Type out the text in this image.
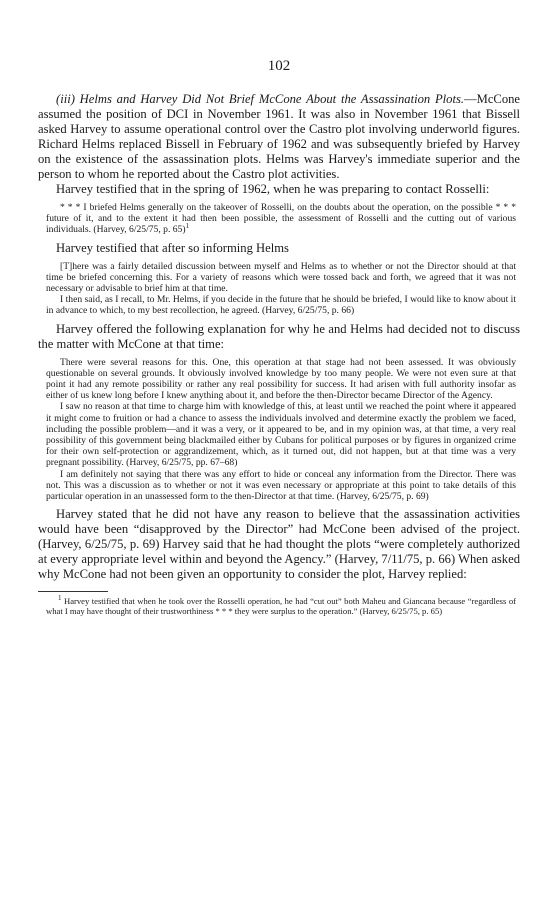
102

(iii) Helms and Harvey Did Not Brief McCone About the Assassination Plots.—McCone assumed the position of DCI in November 1961. It was also in November 1961 that Bissell asked Harvey to assume operational control over the Castro plot involving underworld figures. Richard Helms replaced Bissell in February of 1962 and was subsequently briefed by Harvey on the existence of the assassination plots. Helms was Harvey's immediate superior and the person to whom he reported about the Castro plot activities.

Harvey testified that in the spring of 1962, when he was preparing to contact Rosselli:

* * * I briefed Helms generally on the takeover of Rosselli, on the doubts about the operation, on the possible * * * future of it, and to the extent it had then been possible, the assessment of Rosselli and the cutting out of various individuals. (Harvey, 6/25/75, p. 65)$^1$

Harvey testified that after so informing Helms

[T]here was a fairly detailed discussion between myself and Helms as to whether or not the Director should at that time be briefed concerning this. For a variety of reasons which were tossed back and forth, we agreed that it was not necessary or advisable to brief him at that time.

I then said, as I recall, to Mr. Helms, if you decide in the future that he should be briefed, I would like to know about it in advance to which, to my best recollection, he agreed. (Harvey, 6/25/75, p. 66)

Harvey offered the following explanation for why he and Helms had decided not to discuss the matter with McCone at that time:

There were several reasons for this. One, this operation at that stage had not been assessed. It was obviously questionable on several grounds. It obviously involved knowledge by too many people. We were not even sure at that point it had any remote possibility or rather any real possibility for success. It had arisen with full authority insofar as either of us knew long before I knew anything about it, and before the then-Director became Director of the Agency.

I saw no reason at that time to charge him with knowledge of this, at least until we reached the point where it appeared it might come to fruition or had a chance to assess the individuals involved and determine exactly the problem we faced, including the possible problem—and it was a very, or it appeared to be, and in my opinion was, at that time, a very real possibility of this government being blackmailed either by Cubans for political purposes or by figures in organized crime for their own self-protection or aggrandizement, which, as it turned out, did not happen, but at that time was a very pregnant possibility. (Harvey, 6/25/75, pp. 67–68)

I am definitely not saying that there was any effort to hide or conceal any information from the Director. There was not. This was a discussion as to whether or not it was even necessary or appropriate at this point to take details of this particular operation in an unassessed form to the then-Director at that time. (Harvey, 6/25/75, p. 69)

Harvey stated that he did not have any reason to believe that the assassination activities would have been “disapproved by the Director” had McCone been advised of the project. (Harvey, 6/25/75, p. 69) Harvey said that he had thought the plots “were completely authorized at every appropriate level within and beyond the Agency.” (Harvey, 7/11/75, p. 66) When asked why McCone had not been given an opportunity to consider the plot, Harvey replied:

$^1$ Harvey testified that when he took over the Rosselli operation, he had “cut out” both Maheu and Giancana because “regardless of what I may have thought of their trustworthiness * * * they were surplus to the operation.” (Harvey, 6/25/75, p. 65)
